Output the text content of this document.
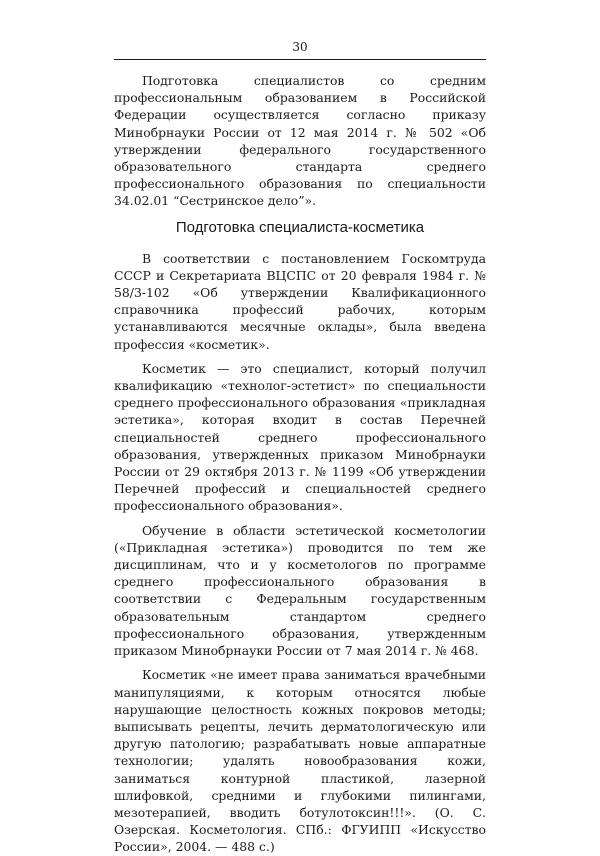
30

Подготовка специалистов со средним профессиональным образованием в Российской Федерации осуществляется согласно приказу Минобрнауки России от 12 мая 2014 г. № 502 «Об утверждении федерального государственного образовательного стандарта среднего профессионального образования по специальности 34.02.01 “Сестринское дело”».

Подготовка специалиста-косметика

В соответствии с постановлением Госкомтруда СССР и Секретариата ВЦСПС от 20 февраля 1984 г. № 58/3-102 «Об утверждении Квалификационного справочника профессий рабочих, которым устанавливаются месячные оклады», была введена профессия «косметик».

Косметик — это специалист, который получил квалификацию «технолог-эстетист» по специальности среднего профессионального образования «прикладная эстетика», которая входит в состав Перечней специальностей среднего профессионального образования, утвержденных приказом Минобрнауки России от 29 октября 2013 г. № 1199 «Об утверждении Перечней профессий и специальностей среднего профессионального образования».

Обучение в области эстетической косметологии («Прикладная эстетика») проводится по тем же дисциплинам, что и у косметологов по программе среднего профессионального образования в соответствии с Федеральным государственным образовательным стандартом среднего профессионального образования, утвержденным приказом Минобрнауки России от 7 мая 2014 г. № 468.

Косметик «не имеет права заниматься врачебными манипуляциями, к которым относятся любые нарушающие целостность кожных покровов методы; выписывать рецепты, лечить дерматологическую или другую патологию; разрабатывать новые аппаратные технологии; удалять новообразования кожи, заниматься контурной пластикой, лазерной шлифовкой, средними и глубокими пилингами, мезотерапией, вводить ботулотоксин!!!». (О. С. Озерская. Косметология. СПб.: ФГУИПП «Искусство России», 2004. — 488 с.)
